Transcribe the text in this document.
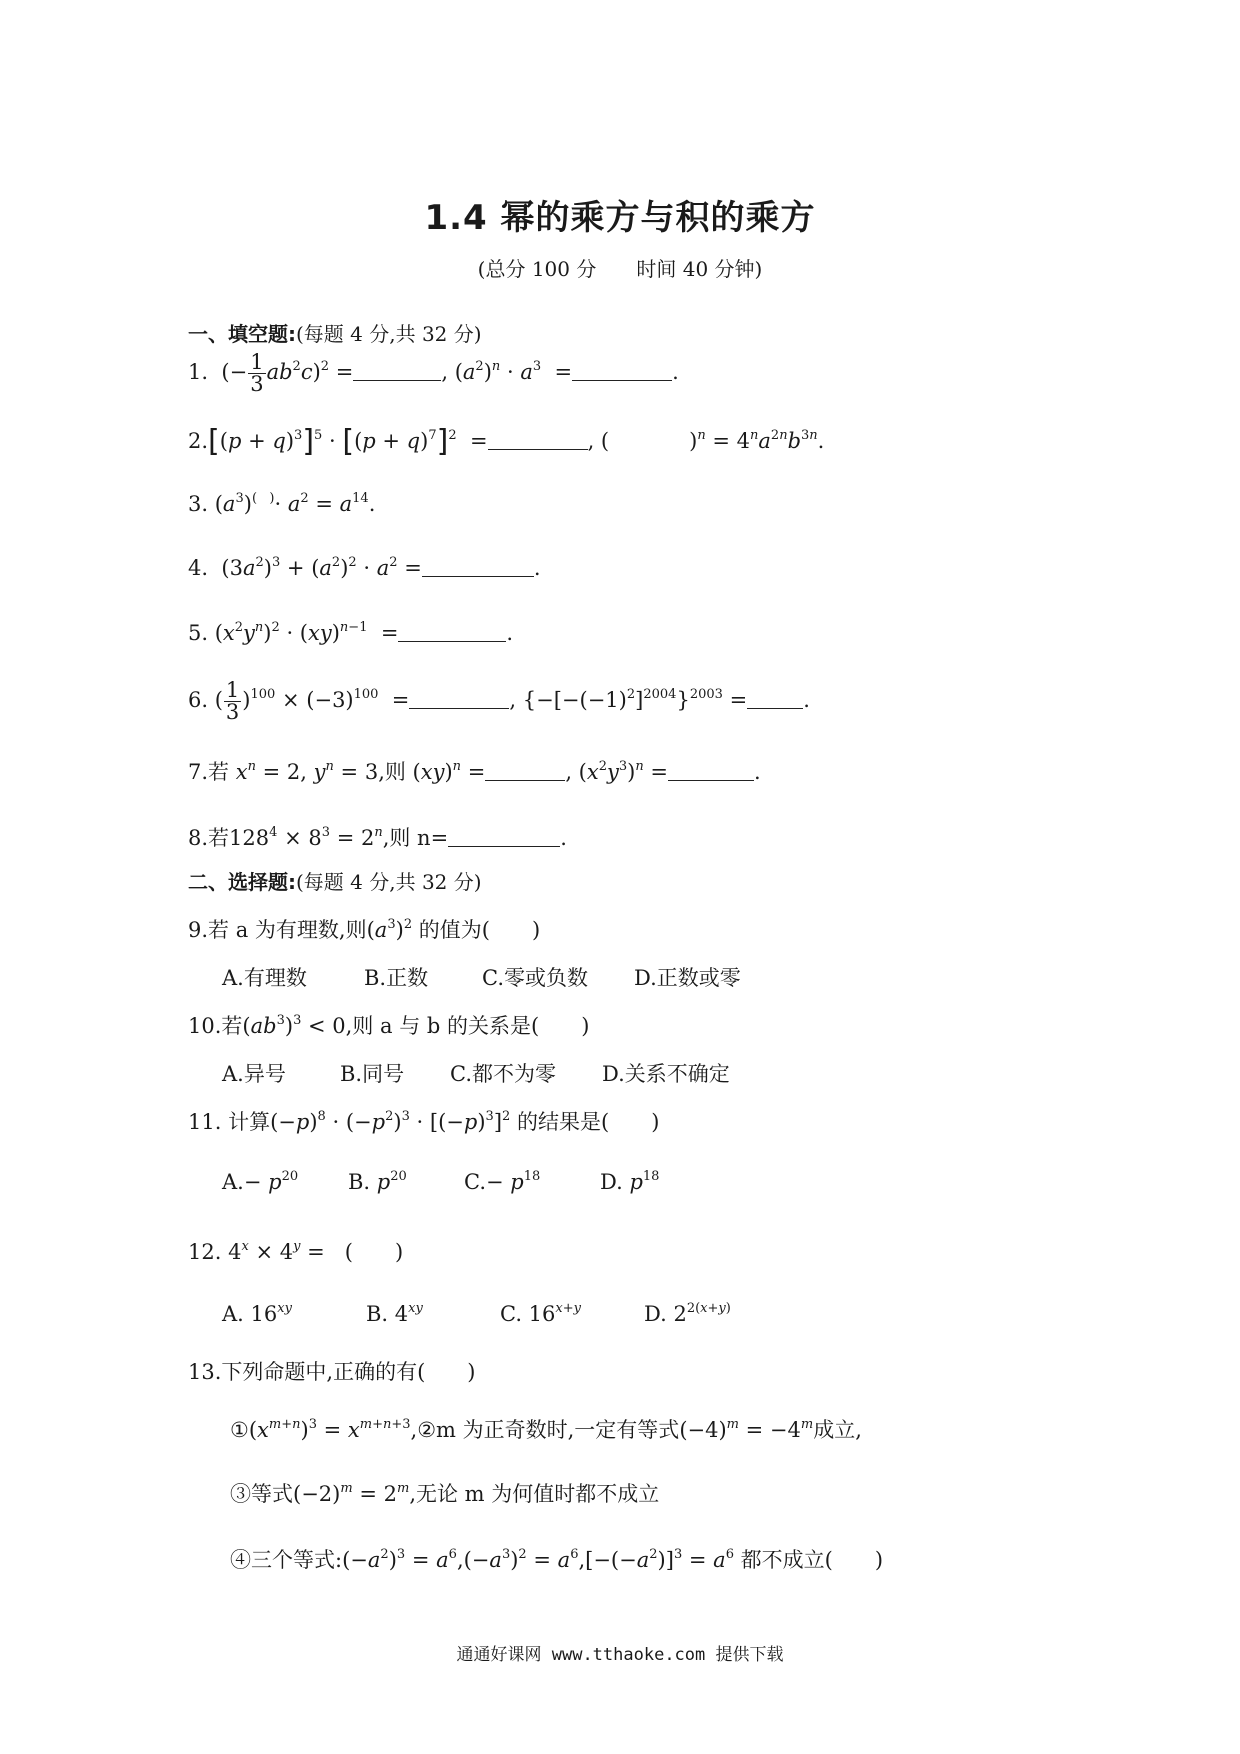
1.4 幂的乘方与积的乘方
(总分 100 分 时间 40 分钟)
一、填空题:(每题 4 分,共 32 分)
1.  (− $\frac{1}{3} ab^2c)^2$ =	, $(a^2)^n \cdot a^3$  =	.
$2.[(p + q)^3]^5 \cdot [(p + q)^7]^2$  =	, (	)$^n = 4^na^{2n}b^{3n}$.
3. $(a^3)^{( )}\cdot a^2 = a^{14}$.
4.  $(3a^2)^3 + (a^2)^2 \cdot a^2$ =	.
5. $(x^2y^n)^2 \cdot (xy)^{n-1}$  =	.
6. ( $\frac{1}{3} )^{100} \times (-3)^{100}$  =	, $\{-[-(-1)^2]^{2004}\}^{2003}$ =	.
7.若 $x^n = 2$, $y^n = 3$,则 (xy)$^n$ =	, $(x^2y^3)^n$ =	.
8.若$128^4 \times 8^3 = 2^n$,则 n=	.
二、选择题:(每题 4 分,共 32 分)
9.若 a 为有理数,则$(a^3)^2$ 的值为(　　)
A.有理数	B.正数	C.零或负数 D.正数或零
10.若$(ab^3)^3 < 0$,则 a 与 b 的关系是(　　)
A.异号	B.同号 C.都不为零 D.关系不确定
11. 计算$(-p)^8 \cdot (-p^2)^3 \cdot [(-p)^3]^2$ 的结果是(　　)
$A.- p^{20}$ B. $p^{20}$	$C.- p^{18}$	D. $p^{18}$
12. $4^x \times 4^y$ =   (　　)
A. $16^{xy}$	B. $4^{xy}$	C. $16^{x+y}$	D. $2^{2(x+y)}$
13.下列命题中,正确的有(　　)
$①(x^{m+n})^3$ = $x^{m+n+3},②m$ 为正奇数时,一定有等式$(-4)^m = -4^m$成立,
③等式$(-2)^m = 2^m$,无论 m 为何值时都不成立
④三个等式$:(-a^2)^3 = a^6,(-a^3)^2 = a^6,[-(-a^2)]^3 = a^6$ 都不成立(　　)
通通好课网 www.tthaoke.com 提供下载
